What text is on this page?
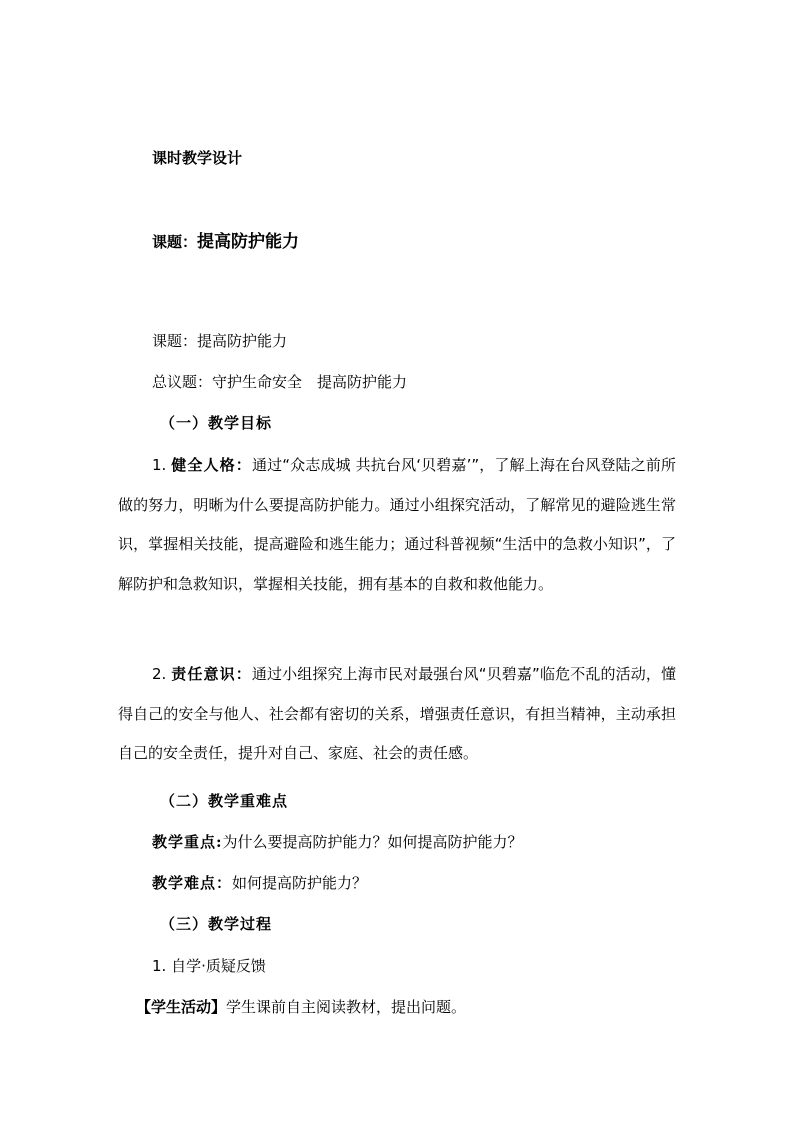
课时教学设计
课题：提高防护能力
课题：提高防护能力
总议题：守护生命安全　提高防护能力
（一）教学目标
1. 健全人格：通过“众志成城 共抗台风‘贝碧嘉’”，了解上海在台风登陆之前所做的努力，明晰为什么要提高防护能力。通过小组探究活动，了解常见的避险逃生常识，掌握相关技能，提高避险和逃生能力；通过科普视频“生活中的急救小知识”，了解防护和急救知识，掌握相关技能，拥有基本的自救和救他能力。
2. 责任意识：通过小组探究上海市民对最强台风“贝碧嘉”临危不乱的活动，懂得自己的安全与他人、社会都有密切的关系，增强责任意识，有担当精神，主动承担自己的安全责任，提升对自己、家庭、社会的责任感。
（二）教学重难点
教学重点:为什么要提高防护能力？如何提高防护能力？
教学难点：如何提高防护能力？
（三）教学过程
1. 自学·质疑反馈
【学生活动】学生课前自主阅读教材，提出问题。
